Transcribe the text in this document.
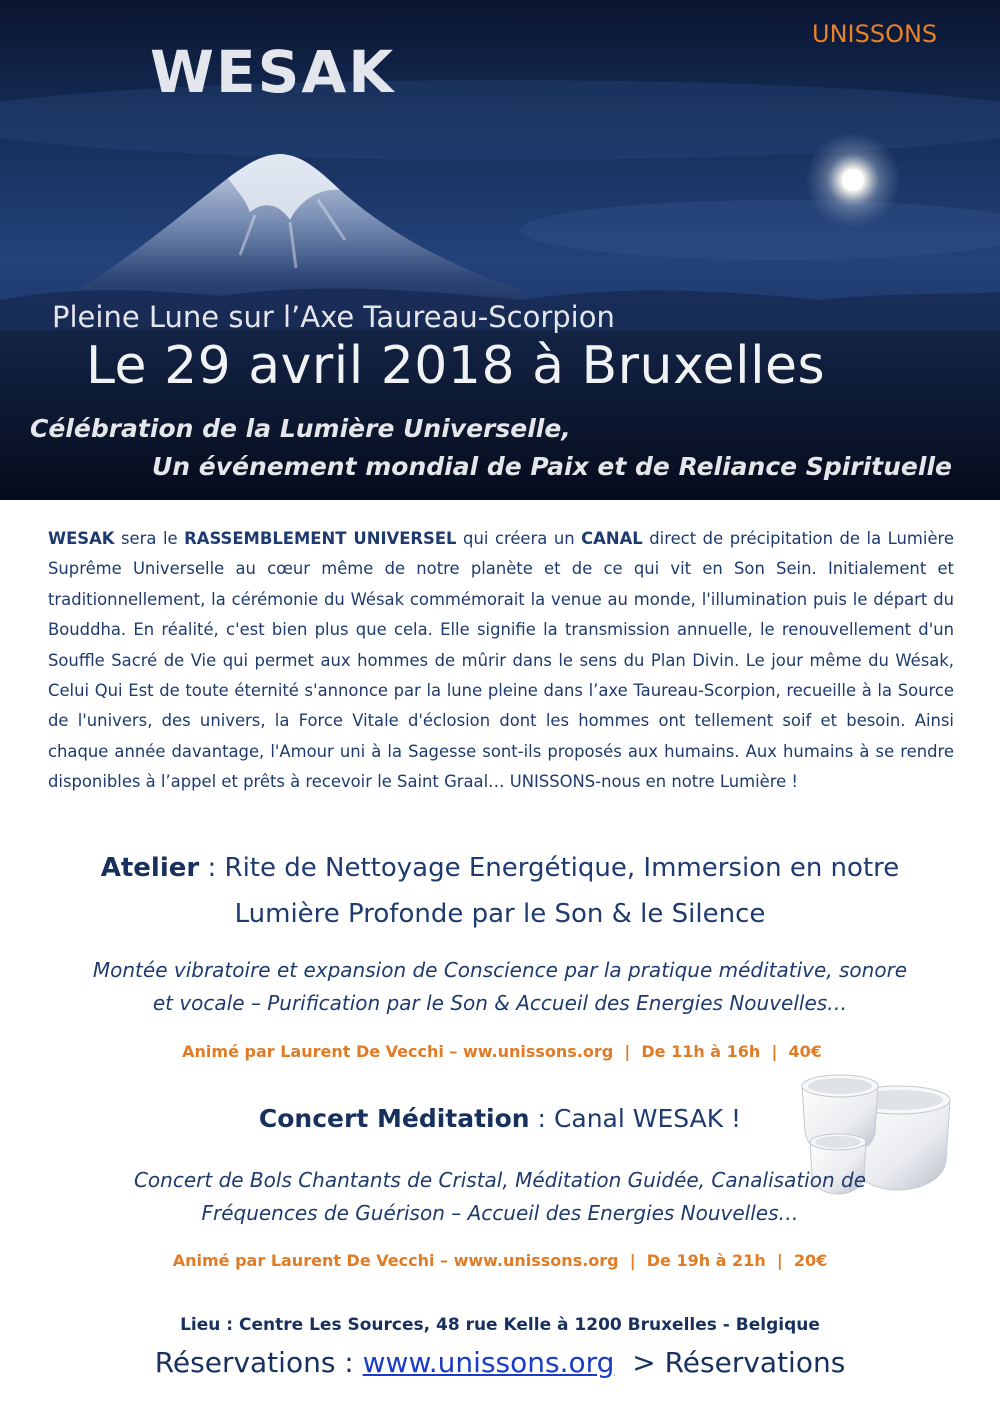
WESAK
UNISSONS
Pleine Lune sur l’Axe Taureau-Scorpion
Le 29 avril 2018 à Bruxelles
Célébration de la Lumière Universelle,
Un événement mondial de Paix et de Reliance Spirituelle
WESAK sera le RASSEMBLEMENT UNIVERSEL qui créera un CANAL direct de précipitation de la Lumière Suprême Universelle au cœur même de notre planète et de ce qui vit en Son Sein. Initialement et traditionnellement, la cérémonie du Wésak commémorait la venue au monde, l'illumination puis le départ du Bouddha. En réalité, c'est bien plus que cela. Elle signifie la transmission annuelle, le renouvellement d'un Souffle Sacré de Vie qui permet aux hommes de mûrir dans le sens du Plan Divin. Le jour même du Wésak, Celui Qui Est de toute éternité s'annonce par la lune pleine dans l’axe Taureau-Scorpion, recueille à la Source de l'univers, des univers, la Force Vitale d'éclosion dont les hommes ont tellement soif et besoin. Ainsi chaque année davantage, l'Amour uni à la Sagesse sont-ils proposés aux humains. Aux humains à se rendre disponibles à l’appel et prêts à recevoir le Saint Graal… UNISSONS-nous en notre Lumière !
Atelier : Rite de Nettoyage Energétique, Immersion en notre
Lumière Profonde par le Son & le Silence
Montée vibratoire et expansion de Conscience par la pratique méditative, sonore
et vocale – Purification par le Son & Accueil des Energies Nouvelles…
Animé par Laurent De Vecchi – ww.unissons.org  |  De 11h à 16h  |  40€
Concert Méditation : Canal WESAK !
Concert de Bols Chantants de Cristal, Méditation Guidée, Canalisation de
Fréquences de Guérison – Accueil des Energies Nouvelles…
Animé par Laurent De Vecchi – www.unissons.org  |  De 19h à 21h  |  20€
Lieu : Centre Les Sources, 48 rue Kelle à 1200 Bruxelles - Belgique
Réservations : www.unissons.org  > Réservations
